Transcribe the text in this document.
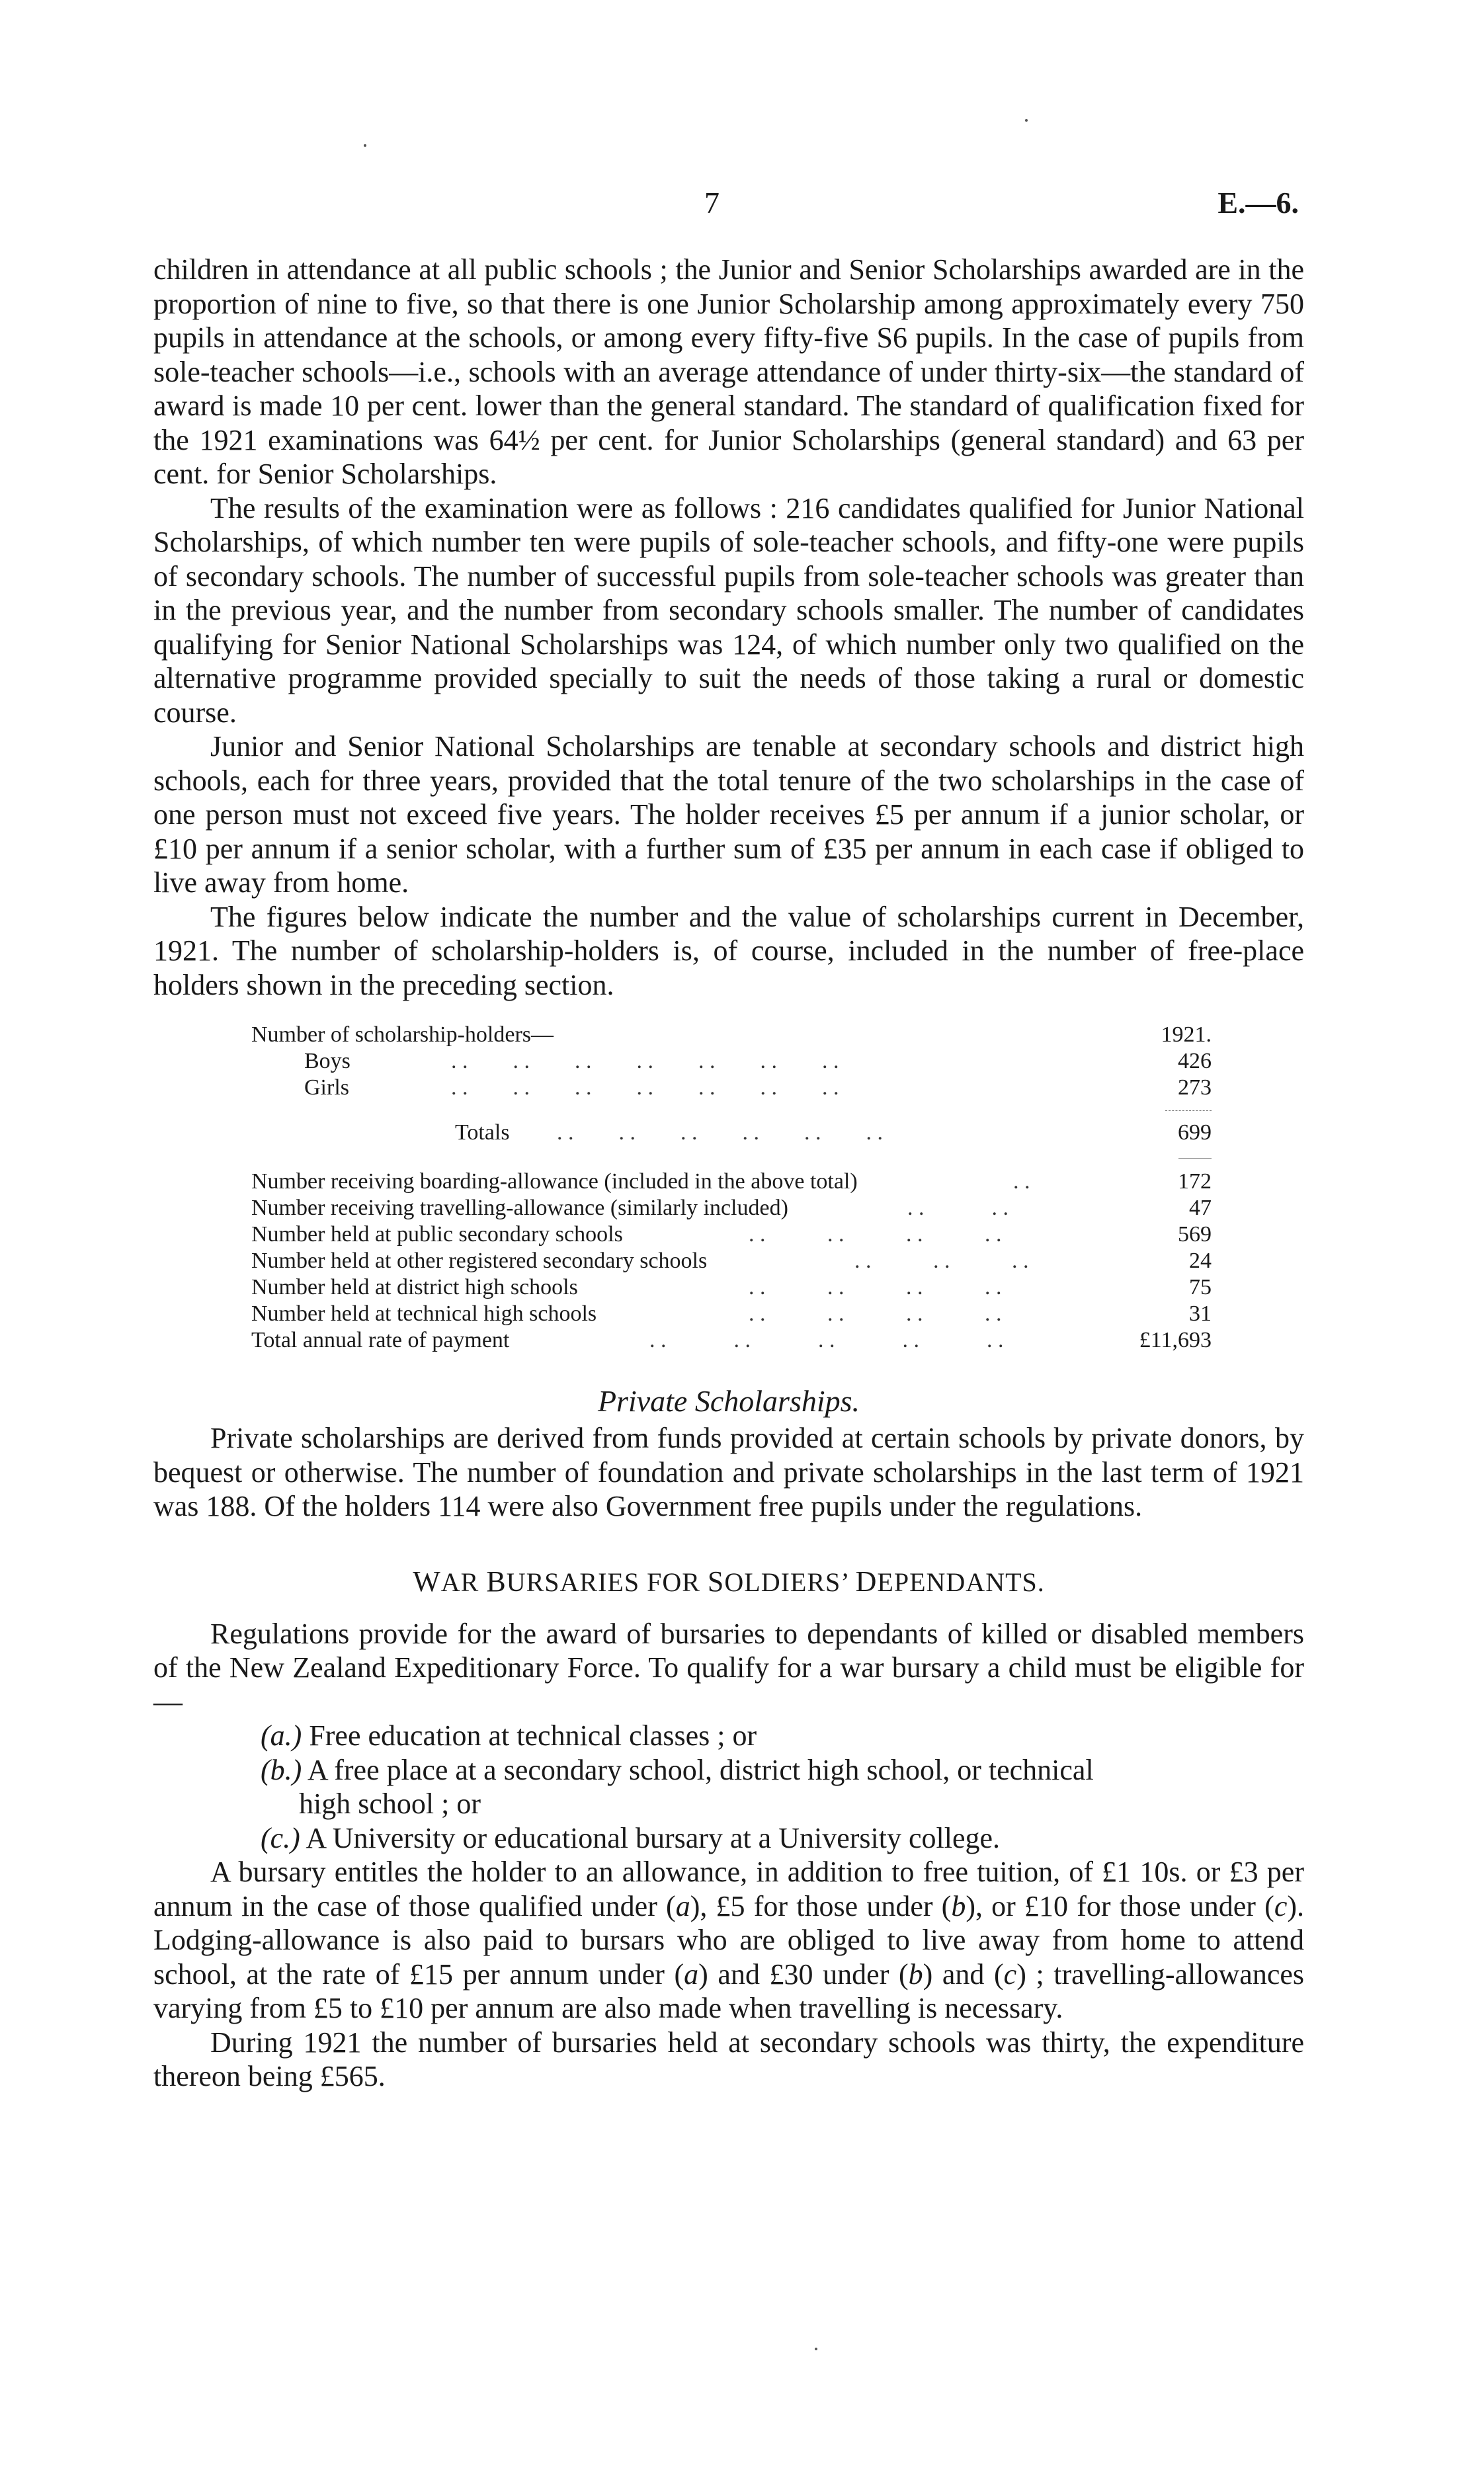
7	E.—6.

children in attendance at all public schools ; the Junior and Senior Scholarships awarded are in the proportion of nine to five, so that there is one Junior Scholarship among approximately every 750 pupils in attendance at the schools, or among every fifty-five S6 pupils. In the case of pupils from sole-teacher schools—i.e., schools with an average attendance of under thirty-six—the standard of award is made 10 per cent. lower than the general standard. The standard of qualification fixed for the 1921 examinations was 64½ per cent. for Junior Scholarships (general standard) and 63 per cent. for Senior Scholarships.

The results of the examination were as follows : 216 candidates qualified for Junior National Scholarships, of which number ten were pupils of sole-teacher schools, and fifty-one were pupils of secondary schools. The number of successful pupils from sole-teacher schools was greater than in the previous year, and the number from secondary schools smaller. The number of candidates qualifying for Senior National Scholarships was 124, of which number only two qualified on the alternative programme provided specially to suit the needs of those taking a rural or domestic course.

Junior and Senior National Scholarships are tenable at secondary schools and district high schools, each for three years, provided that the total tenure of the two scholarships in the case of one person must not exceed five years. The holder receives £5 per annum if a junior scholar, or £10 per annum if a senior scholar, with a further sum of £35 per annum in each case if obliged to live away from home.

The figures below indicate the number and the value of scholarships current in December, 1921. The number of scholarship-holders is, of course, included in the number of free-place holders shown in the preceding section.

Number of scholarship-holders—	1921.
Boys	. .        . .        . .        . .        . .        . .        . .	426
Girls	. .        . .        . .        . .        . .        . .        . .	273
Totals . .        . .        . .        . .        . .        . .	699
Number receiving boarding-allowance (included in the above total)	. .	172
Number receiving travelling-allowance (similarly included)	. .            . .	47
Number held at public secondary schools	. .           . .           . .           . .	569
Number held at other registered secondary schools	. .           . .           . .	24
Number held at district high schools	. .           . .           . .           . .	75
Number held at technical high schools	. .           . .           . .           . .	31
Total annual rate of payment	. .            . .            . .            . .            . .	£11,693

Private Scholarships.

Private scholarships are derived from funds provided at certain schools by private donors, by bequest or otherwise. The number of foundation and private scholarships in the last term of 1921 was 188. Of the holders 114 were also Government free pupils under the regulations.

WAR BURSARIES FOR SOLDIERS’ DEPENDANTS.

Regulations provide for the award of bursaries to dependants of killed or disabled members of the New Zealand Expeditionary Force. To qualify for a war bursary a child must be eligible for—

(a.) Free education at technical classes ; or

(b.) A free place at a secondary school, district high school, or technical
high school ; or

(c.) A University or educational bursary at a University college.

A bursary entitles the holder to an allowance, in addition to free tuition, of £1 10s. or £3 per annum in the case of those qualified under (a), £5 for those under (b), or £10 for those under (c). Lodging-allowance is also paid to bursars who are obliged to live away from home to attend school, at the rate of £15 per annum under (a) and £30 under (b) and (c) ; travelling-allowances varying from £5 to £10 per annum are also made when travelling is necessary.

During 1921 the number of bursaries held at secondary schools was thirty, the expenditure thereon being £565.
